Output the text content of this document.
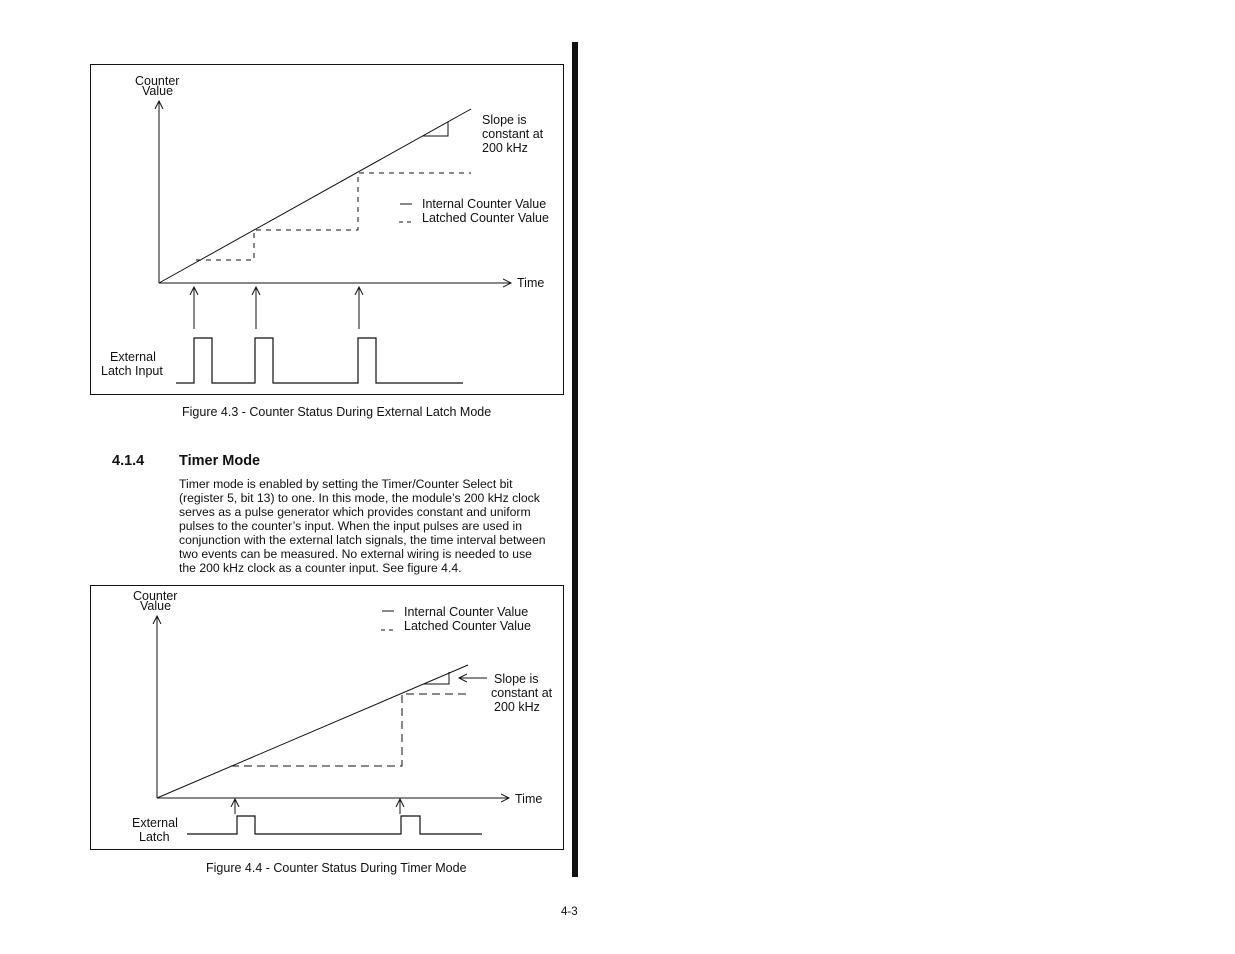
Counter
Value
Time
Slope is
constant at
200 kHz
Internal Counter Value
Latched Counter Value
External
Latch Input
Figure 4.3 - Counter Status During External Latch Mode
4.1.4 Timer Mode
Timer mode is enabled by setting the Timer/Counter Select bit
(register 5, bit 13) to one. In this mode, the module’s 200 kHz clock
serves as a pulse generator which provides constant and uniform
pulses to the counter’s input. When the input pulses are used in
conjunction with the external latch signals, the time interval between
two events can be measured. No external wiring is needed to use
the 200 kHz clock as a counter input. See figure 4.4.
Counter
Value
Time
Slope is
constant at
200 kHz
Internal Counter Value
Latched Counter Value
External
Latch
Figure 4.4 - Counter Status During Timer Mode
4-3
